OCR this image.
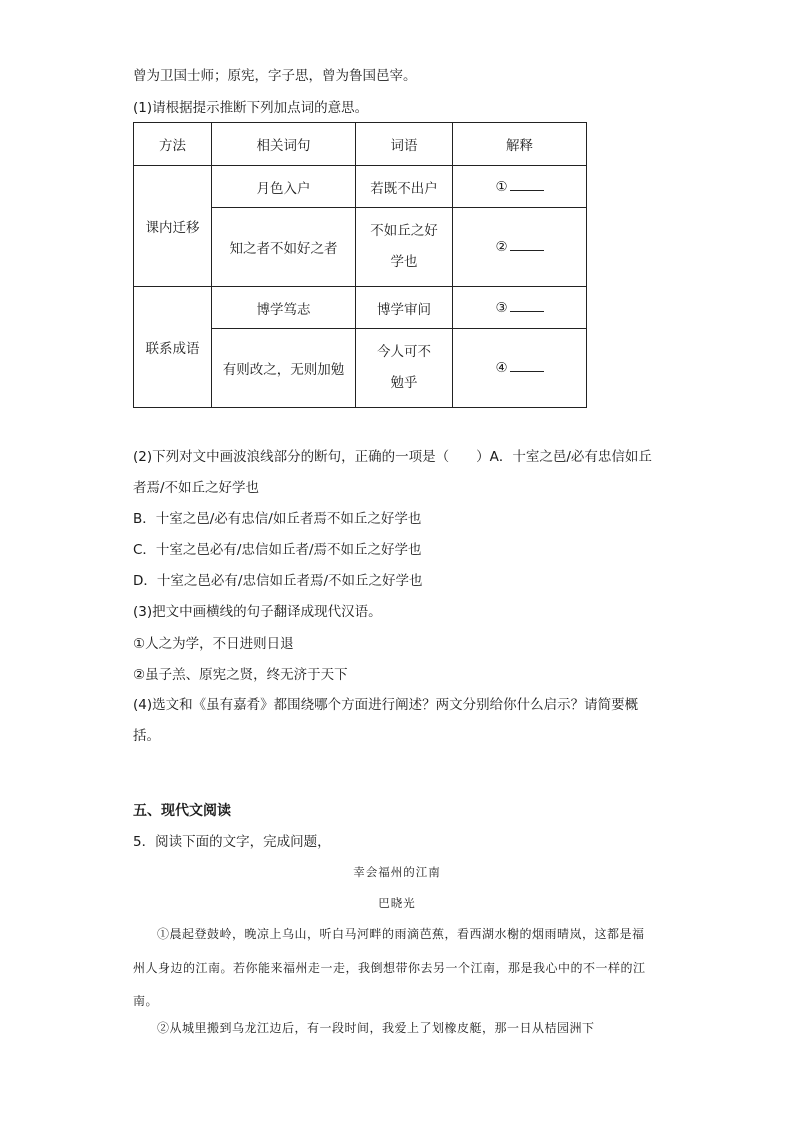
曾为卫国士师；原宪，字子思，曾为鲁国邑宰。
(1)请根据提示推断下列加点词的意思。
方法	相关词句	词语	解释
课内迁移	月色入户	若既不出户	①
	知之者不如好之者	不如丘之好学也	②
联系成语	博学笃志	博学审问	③
	有则改之，无则加勉	今人可不勉乎	④
(2)下列对文中画波浪线部分的断句，正确的一项是（　　）A．十室之邑/必有忠信如丘者焉/不如丘之好学也
B．十室之邑/必有忠信/如丘者焉不如丘之好学也
C．十室之邑必有/忠信如丘者/焉不如丘之好学也
D．十室之邑必有/忠信如丘者焉/不如丘之好学也
(3)把文中画横线的句子翻译成现代汉语。
①人之为学，不日进则日退
②虽子羔、原宪之贤，终无济于天下
(4)选文和《虽有嘉肴》都围绕哪个方面进行阐述？两文分别给你什么启示？请简要概括。
五、现代文阅读
5．阅读下面的文字，完成问题，
幸会福州的江南
巴晓光
①晨起登鼓岭，晚凉上乌山，听白马河畔的雨滴芭蕉，看西湖水榭的烟雨晴岚，这都是福州人身边的江南。若你能来福州走一走，我倒想带你去另一个江南，那是我心中的不一样的江南。
②从城里搬到乌龙江边后，有一段时间，我爱上了划橡皮艇，那一日从桔园洲下
